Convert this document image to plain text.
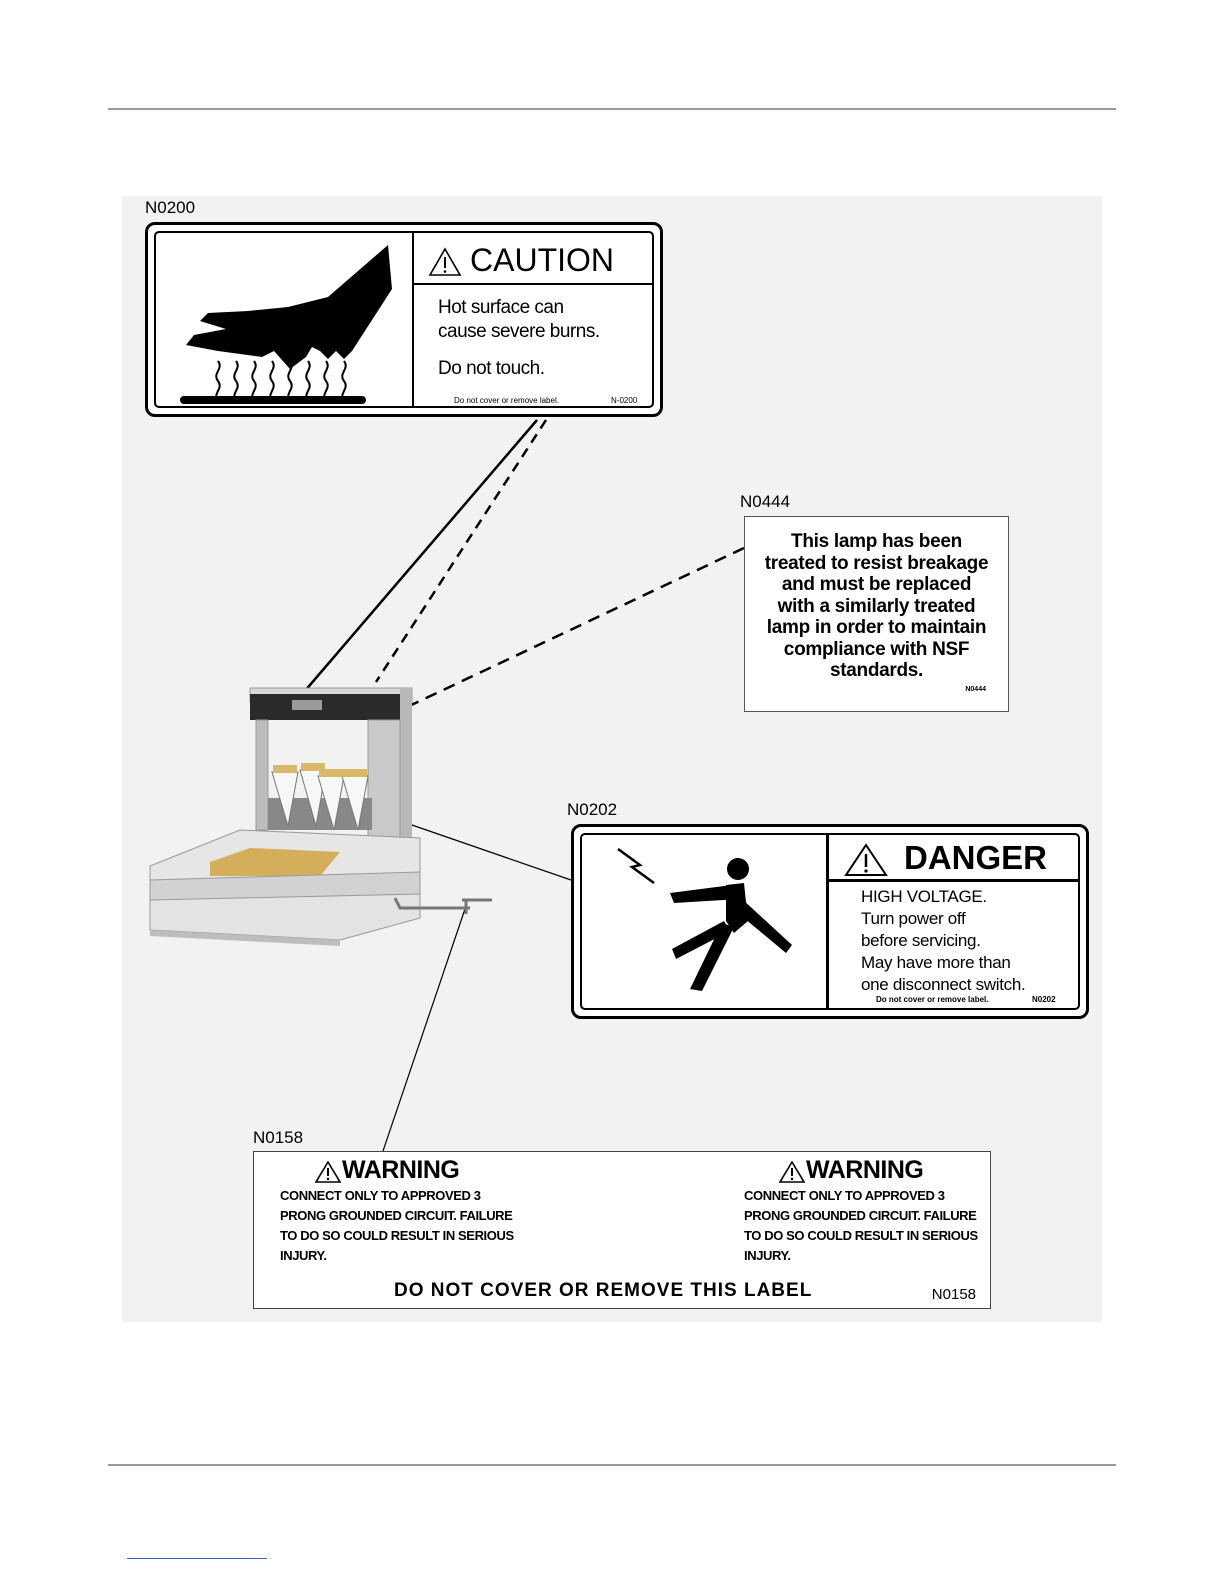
N0200
CAUTION
Hot surface can
cause severe burns.
Do not touch.
Do not cover or remove label.	N-0200
N0444
This lamp has been
treated to resist breakage
and must be replaced
with a similarly treated
lamp in order to maintain
compliance with NSF
standards.
N0444
N0202
DANGER
HIGH VOLTAGE.
Turn power off
before servicing.
May have more than
one disconnect switch.
Do not cover or remove label.	N0202
N0158
WARNING
CONNECT ONLY TO APPROVED 3
PRONG GROUNDED CIRCUIT. FAILURE
TO DO SO COULD RESULT IN SERIOUS
INJURY.
WARNING
CONNECT ONLY TO APPROVED 3
PRONG GROUNDED CIRCUIT. FAILURE
TO DO SO COULD RESULT IN SERIOUS
INJURY.
DO NOT COVER OR REMOVE THIS LABEL	N0158
